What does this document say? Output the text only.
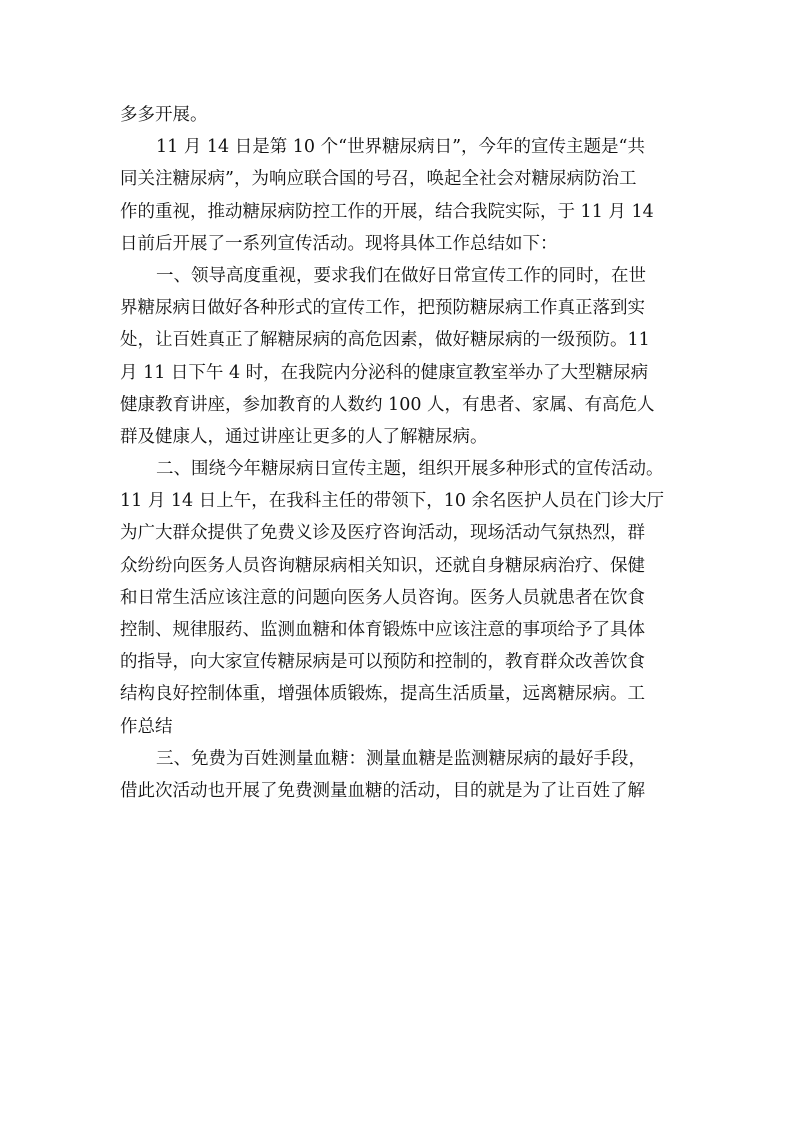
多多开展。
11 月 14 日是第 10 个“世界糖尿病日”，今年的宣传主题是“共
同关注糖尿病”，为响应联合国的号召，唤起全社会对糖尿病防治工
作的重视，推动糖尿病防控工作的开展，结合我院实际，于 11 月 14
日前后开展了一系列宣传活动。现将具体工作总结如下：
一、领导高度重视，要求我们在做好日常宣传工作的同时，在世
界糖尿病日做好各种形式的宣传工作，把预防糖尿病工作真正落到实
处，让百姓真正了解糖尿病的高危因素，做好糖尿病的一级预防。11
月 11 日下午 4 时，在我院内分泌科的健康宣教室举办了大型糖尿病
健康教育讲座，参加教育的人数约 100 人，有患者、家属、有高危人
群及健康人，通过讲座让更多的人了解糖尿病。
二、围绕今年糖尿病日宣传主题，组织开展多种形式的宣传活动。
11 月 14 日上午，在我科主任的带领下，10 余名医护人员在门诊大厅
为广大群众提供了免费义诊及医疗咨询活动，现场活动气氛热烈，群
众纷纷向医务人员咨询糖尿病相关知识，还就自身糖尿病治疗、保健
和日常生活应该注意的问题向医务人员咨询。医务人员就患者在饮食
控制、规律服药、监测血糖和体育锻炼中应该注意的事项给予了具体
的指导，向大家宣传糖尿病是可以预防和控制的，教育群众改善饮食
结构良好控制体重，增强体质锻炼，提高生活质量，远离糖尿病。工
作总结
三、免费为百姓测量血糖：测量血糖是监测糖尿病的最好手段，
借此次活动也开展了免费测量血糖的活动，目的就是为了让百姓了解
